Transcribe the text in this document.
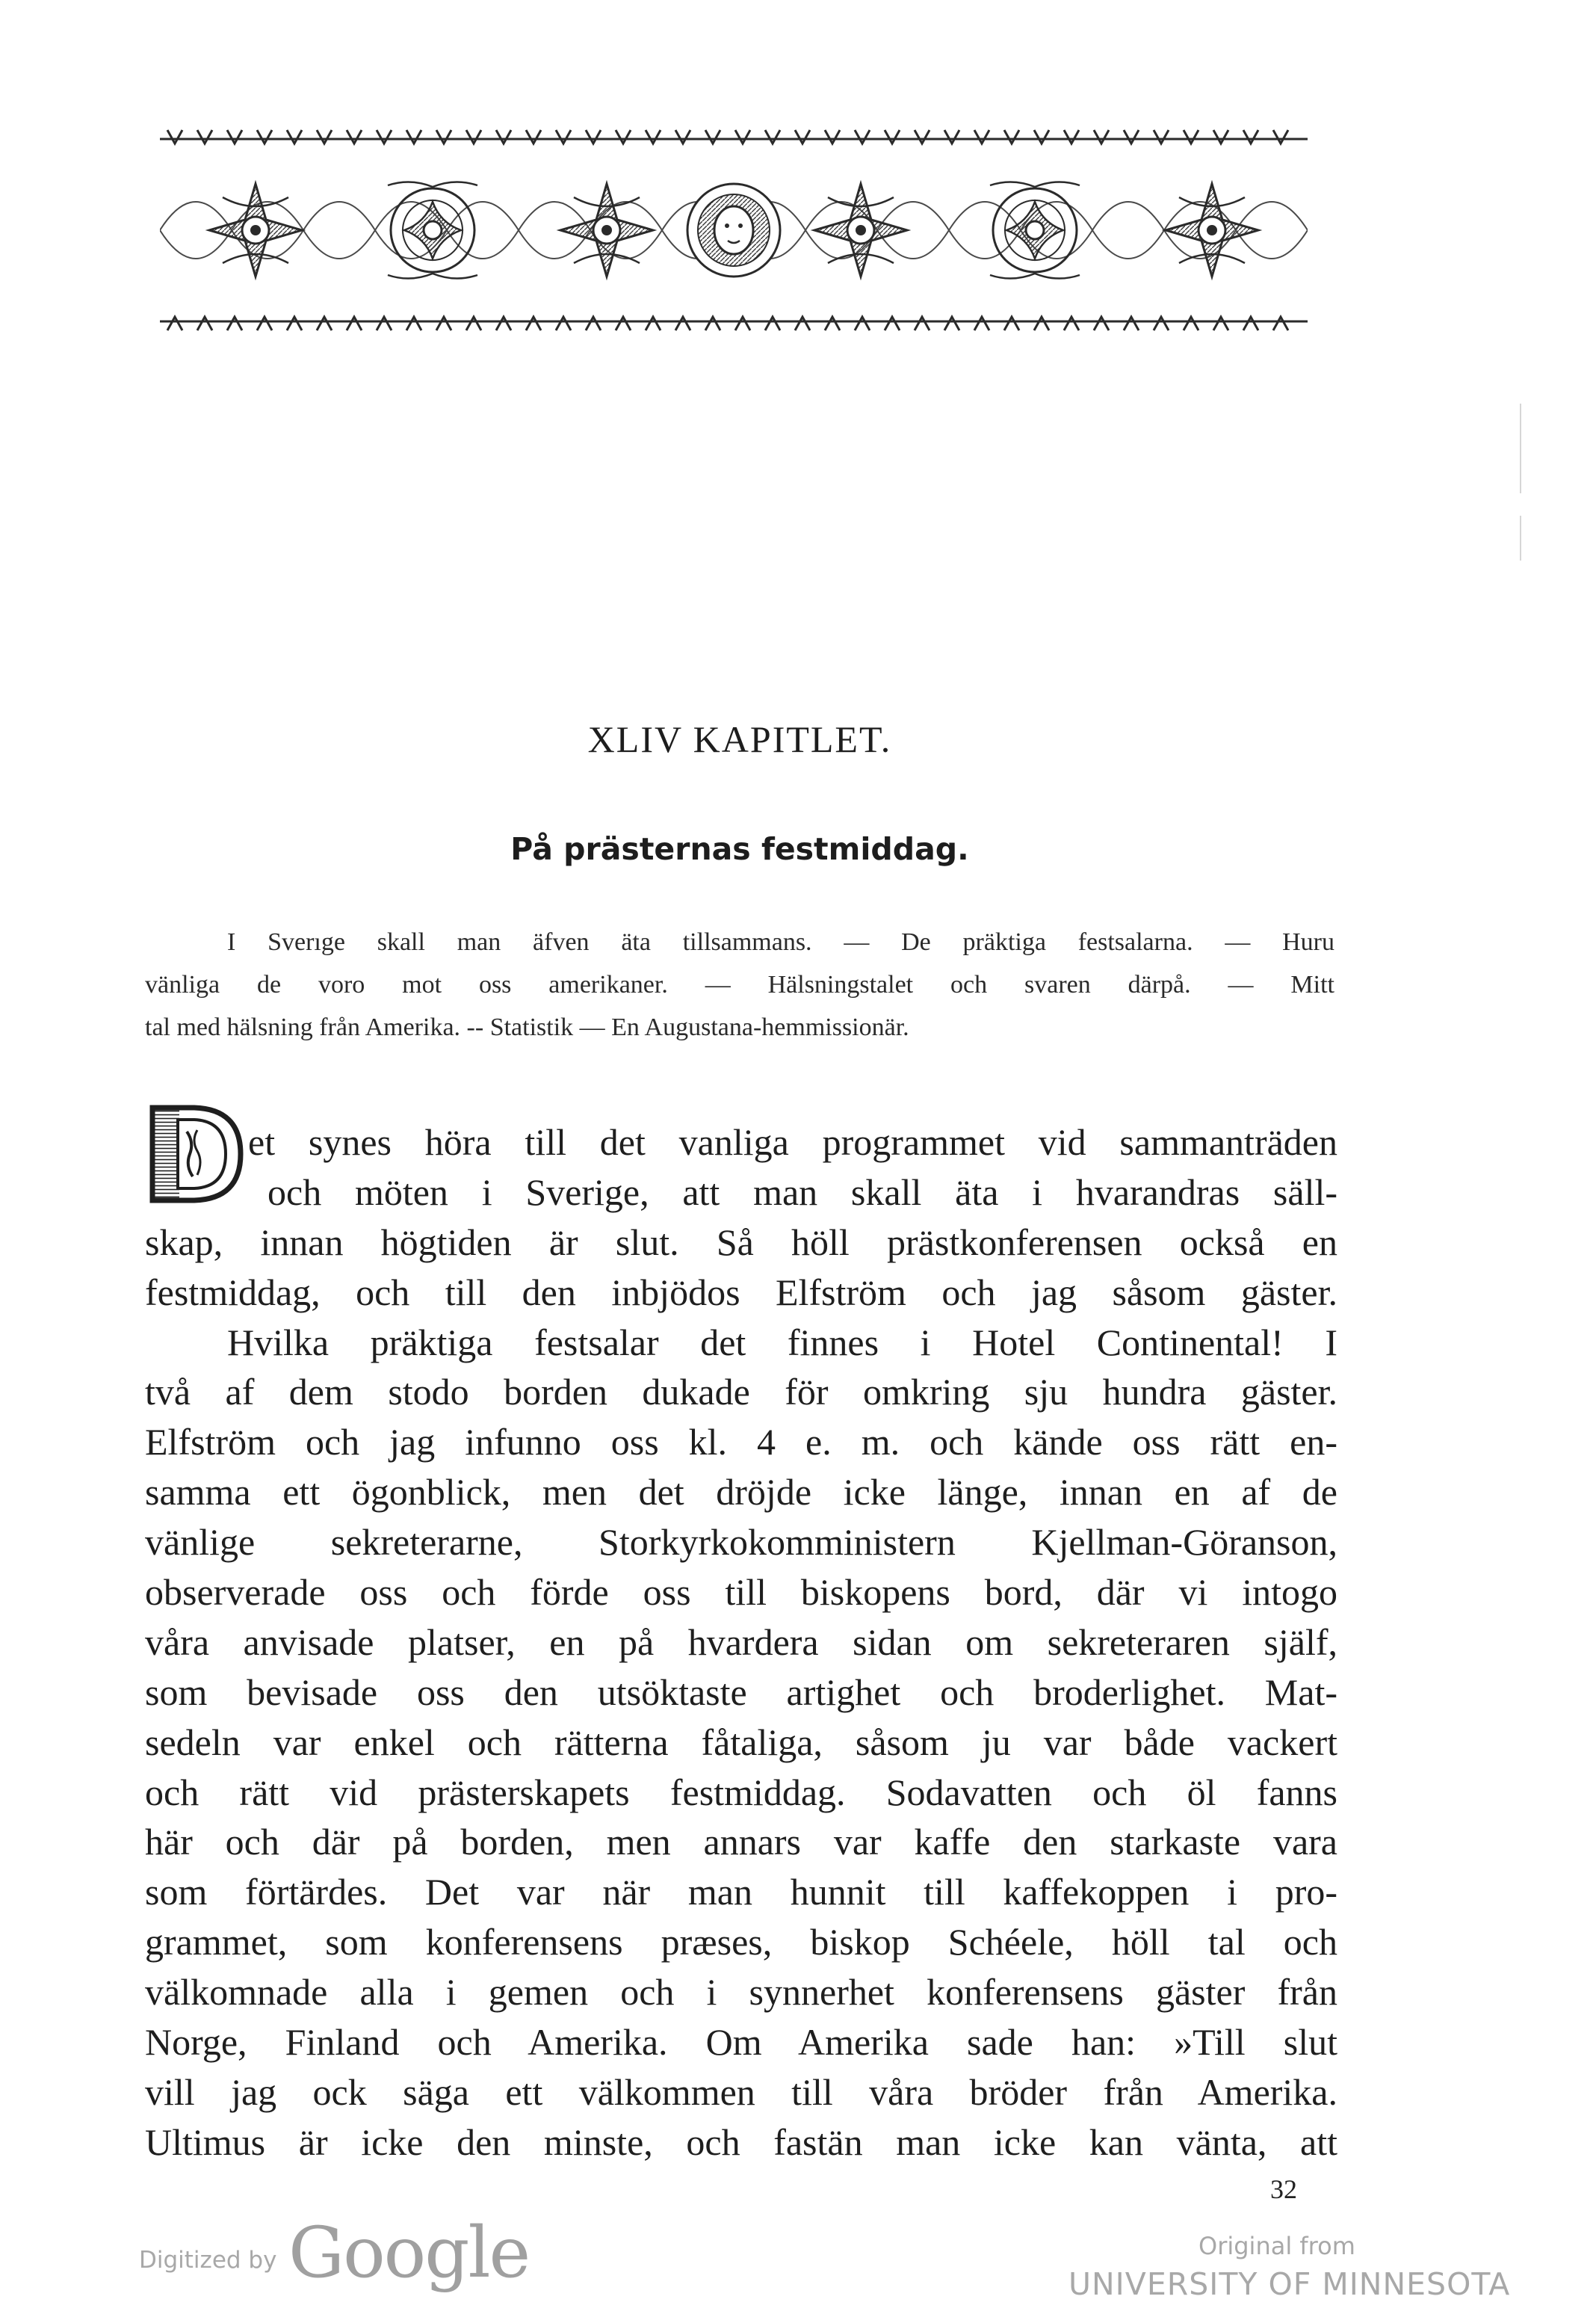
XLIV KAPITLET.
På prästernas festmiddag.
I Sverıge skall man äfven äta tillsammans. — De präktiga festsalarna. — Huru
vänliga de voro mot oss amerikaner. — Hälsningstalet och svaren därpå. — Mitt
tal med hälsning från Amerika. -- Statistik — En Augustana-hemmissionär.
et synes höra till det vanliga programmet vid sammanträden
och möten i Sverige, att man skall äta i hvarandras säll-
skap, innan högtiden är slut. Så höll prästkonferensen också en
festmiddag, och till den inbjödos Elfström och jag såsom gäster.
Hvilka präktiga festsalar det finnes i Hotel Continental! I
två af dem stodo borden dukade för omkring sju hundra gäster.
Elfström och jag infunno oss kl. 4 e. m. och kände oss rätt en-
samma ett ögonblick, men det dröjde icke länge, innan en af de
vänlige sekreterarne, Storkyrkokomministern Kjellman-Göranson,
observerade oss och förde oss till biskopens bord, där vi intogo
våra anvisade platser, en på hvardera sidan om sekreteraren själf,
som bevisade oss den utsöktaste artighet och broderlighet. Mat-
sedeln var enkel och rätterna fåtaliga, såsom ju var både vackert
och rätt vid prästerskapets festmiddag. Sodavatten och öl fanns
här och där på borden, men annars var kaffe den starkaste vara
som förtärdes. Det var när man hunnit till kaffekoppen i pro-
grammet, som konferensens præses, biskop Schéele, höll tal och
välkomnade alla i gemen och i synnerhet konferensens gäster från
Norge, Finland och Amerika. Om Amerika sade han: »Till slut
vill jag ock säga ett välkommen till våra bröder från Amerika.
Ultimus är icke den minste, och fastän man icke kan vänta, att
32
Digitized by Google	Original from
UNIVERSITY OF MINNESOTA
